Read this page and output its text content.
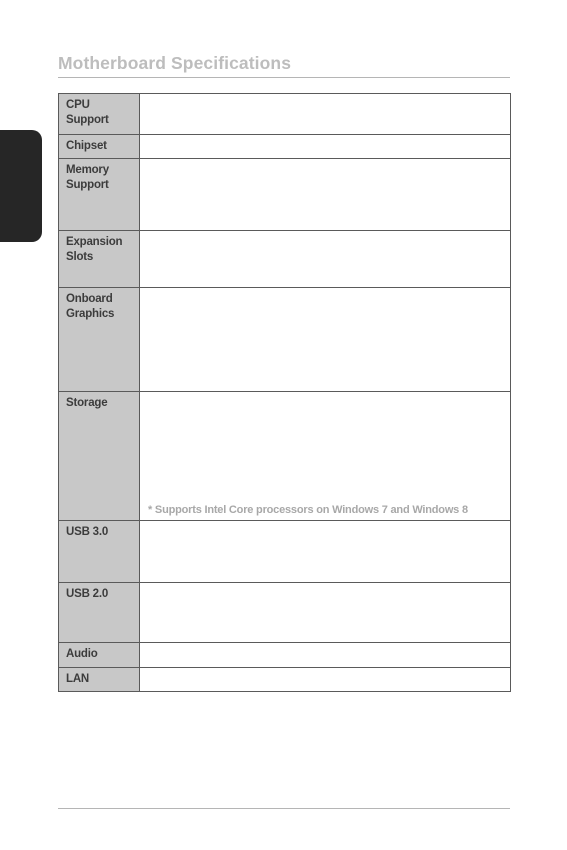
Motherboard Specifications
CPU
Support	

Chipset	

Memory
Support	

Expansion
Slots	

Onboard
Graphics	

Storage	* Supports Intel Core processors on Windows 7 and Windows 8

USB 3.0	

USB 2.0	

Audio	

LAN	
